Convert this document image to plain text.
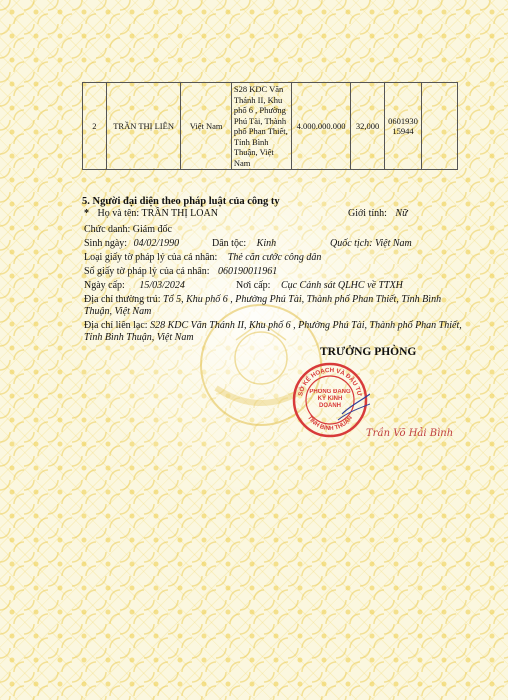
2	TRẦN THỊ LIÊN	Việt Nam	S28 KDC Văn Thánh II, Khu phố 6 , Phường Phú Tài, Thành phố Phan Thiết, Tỉnh Bình Thuận, Việt Nam	4.000.000.000	32,000	060193015944	
5. Người đại diện theo pháp luật của công ty
* Họ và tên: TRẦN THỊ LOAN	Giới tính: Nữ
Chức danh: Giám đốc
Sinh ngày: 04/02/1990	Dân tộc: Kinh	Quốc tịch: Việt Nam
Loại giấy tờ pháp lý của cá nhân: Thẻ căn cước công dân
Số giấy tờ pháp lý của cá nhân: 060190011961
Ngày cấp: 15/03/2024	Nơi cấp: Cục Cảnh sát QLHC về TTXH
Địa chỉ thường trú: Tổ 5, Khu phố 6 , Phường Phú Tài, Thành phố Phan Thiết, Tỉnh Bình Thuận, Việt Nam
Địa chỉ liên lạc: S28 KDC Văn Thánh II, Khu phố 6 , Phường Phú Tài, Thành phố Phan Thiết, Tỉnh Bình Thuận, Việt Nam
TRƯỞNG PHÒNG
SỞ KẾ HOẠCH VÀ ĐẦU TƯ
TỈNH BÌNH THUẬN
PHÒNG ĐĂNG KÝ KINH DOANH
Trần Võ Hải Bình
